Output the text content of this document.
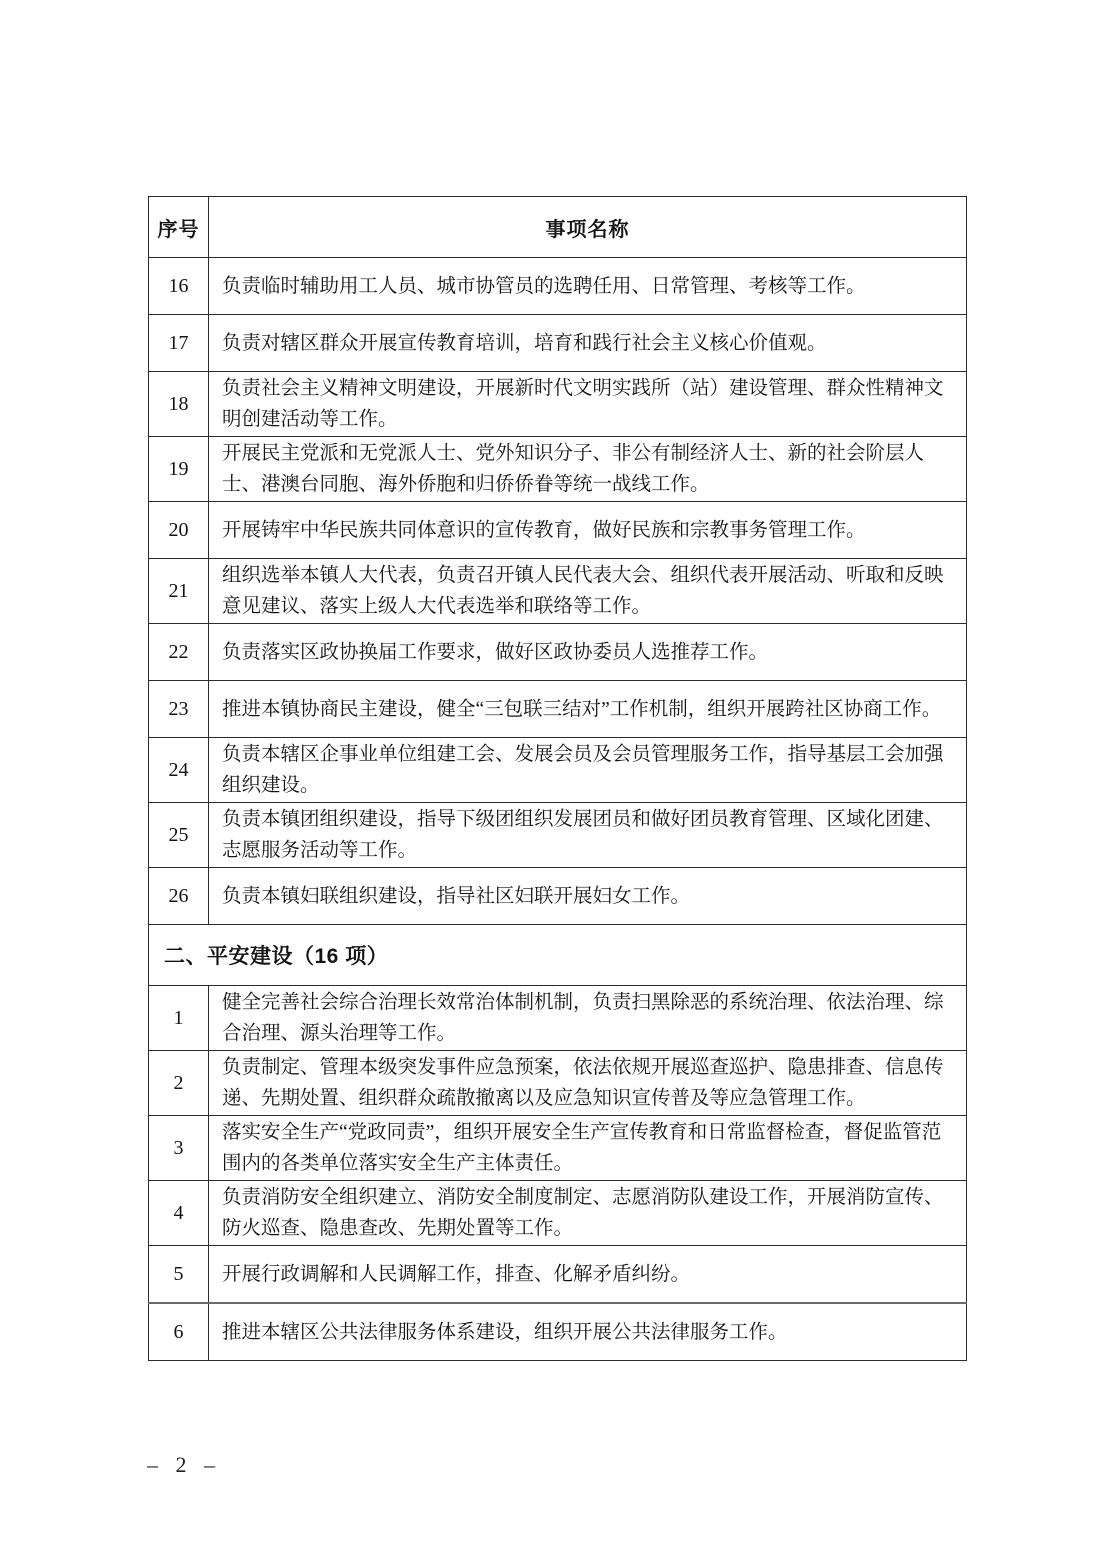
序号	事项名称
16	负责临时辅助用工人员、城市协管员的选聘任用、日常管理、考核等工作。
17	负责对辖区群众开展宣传教育培训，培育和践行社会主义核心价值观。
18	负责社会主义精神文明建设，开展新时代文明实践所（站）建设管理、群众性精神文明创建活动等工作。
19	开展民主党派和无党派人士、党外知识分子、非公有制经济人士、新的社会阶层人士、港澳台同胞、海外侨胞和归侨侨眷等统一战线工作。
20	开展铸牢中华民族共同体意识的宣传教育，做好民族和宗教事务管理工作。
21	组织选举本镇人大代表，负责召开镇人民代表大会、组织代表开展活动、听取和反映意见建议、落实上级人大代表选举和联络等工作。
22	负责落实区政协换届工作要求，做好区政协委员人选推荐工作。
23	推进本镇协商民主建设，健全“三包联三结对”工作机制，组织开展跨社区协商工作。
24	负责本辖区企事业单位组建工会、发展会员及会员管理服务工作，指导基层工会加强组织建设。
25	负责本镇团组织建设，指导下级团组织发展团员和做好团员教育管理、区域化团建、志愿服务活动等工作。
26	负责本镇妇联组织建设，指导社区妇联开展妇女工作。
二、平安建设（16 项）	
1	健全完善社会综合治理长效常治体制机制，负责扫黑除恶的系统治理、依法治理、综合治理、源头治理等工作。
2	负责制定、管理本级突发事件应急预案，依法依规开展巡查巡护、隐患排查、信息传递、先期处置、组织群众疏散撤离以及应急知识宣传普及等应急管理工作。
3	落实安全生产“党政同责”，组织开展安全生产宣传教育和日常监督检查，督促监管范围内的各类单位落实安全生产主体责任。
4	负责消防安全组织建立、消防安全制度制定、志愿消防队建设工作，开展消防宣传、防火巡查、隐患查改、先期处置等工作。
5	开展行政调解和人民调解工作，排查、化解矛盾纠纷。
6	推进本辖区公共法律服务体系建设，组织开展公共法律服务工作。
– 2 –
